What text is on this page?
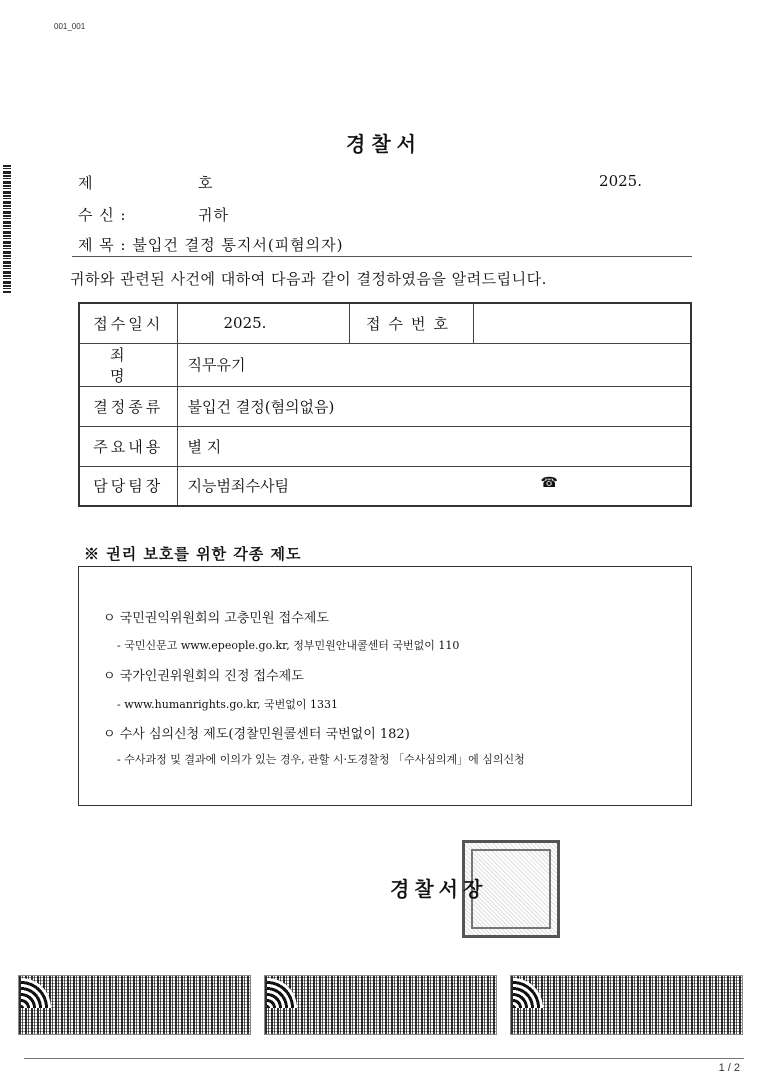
001_001
경찰서
제	호	2025.
수 신 :	귀하
제 목 : 불입건 결정 통지서(피혐의자)
귀하와 관련된 사건에 대하여 다음과 같이 결정하였음을 알려드립니다.
접수일시	2025.	접수번호	
죄 명	직무유기		
결정종류	불입건 결정(혐의없음)		
주요내용	별 지		
담당팀장	지능범죄수사팀 ☎		
※ 권리 보호를 위한 각종 제도
ㅇ 국민권익위원회의 고충민원 접수제도
- 국민신문고 www.epeople.go.kr, 정부민원안내콜센터 국번없이 110
ㅇ 국가인권위원회의 진정 접수제도
- www.humanrights.go.kr, 국번없이 1331
ㅇ 수사 심의신청 제도(경찰민원콜센터 국번없이 182)
- 수사과정 및 결과에 이의가 있는 경우, 관할 시·도경찰청 「수사심의계」에 심의신청
경찰서장
1 / 2
